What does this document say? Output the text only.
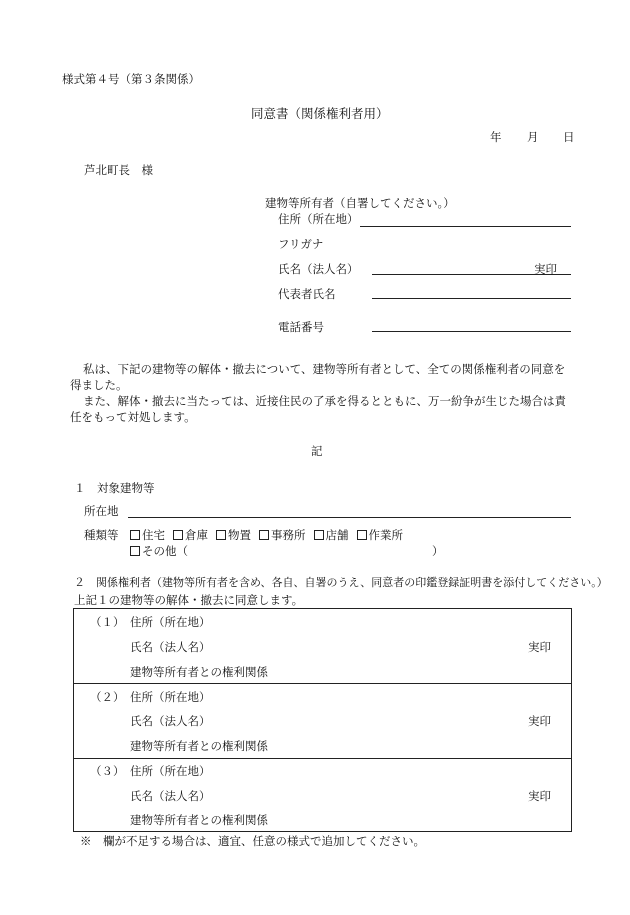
様式第４号（第３条関係）
同意書（関係権利者用）
年 月 日
芦北町長　様
建物等所有者（自署してください。）
住所（所在地）
フリガナ
氏名（法人名）	実印
代表者氏名
電話番号
私は、下記の建物等の解体・撤去について、建物等所有者として、全ての関係権利者の同意を
得ました。
また、解体・撤去に当たっては、近接住民の了承を得るとともに、万一紛争が生じた場合は責
任をもって対処します。
記
１　対象建物等
所在地
種類等	住宅 倉庫 物置 事務所 店舗 作業所
その他（	）
２　関係権利者（建物等所有者を含め、各自、自署のうえ、同意者の印鑑登録証明書を添付してください。）
上記１の建物等の解体・撤去に同意します。
（１） 住所（所在地）
氏名（法人名）	実印
建物等所有者との権利関係
（２） 住所（所在地）
氏名（法人名）	実印
建物等所有者との権利関係
（３） 住所（所在地）
氏名（法人名）	実印
建物等所有者との権利関係
※　欄が不足する場合は、適宜、任意の様式で追加してください。
